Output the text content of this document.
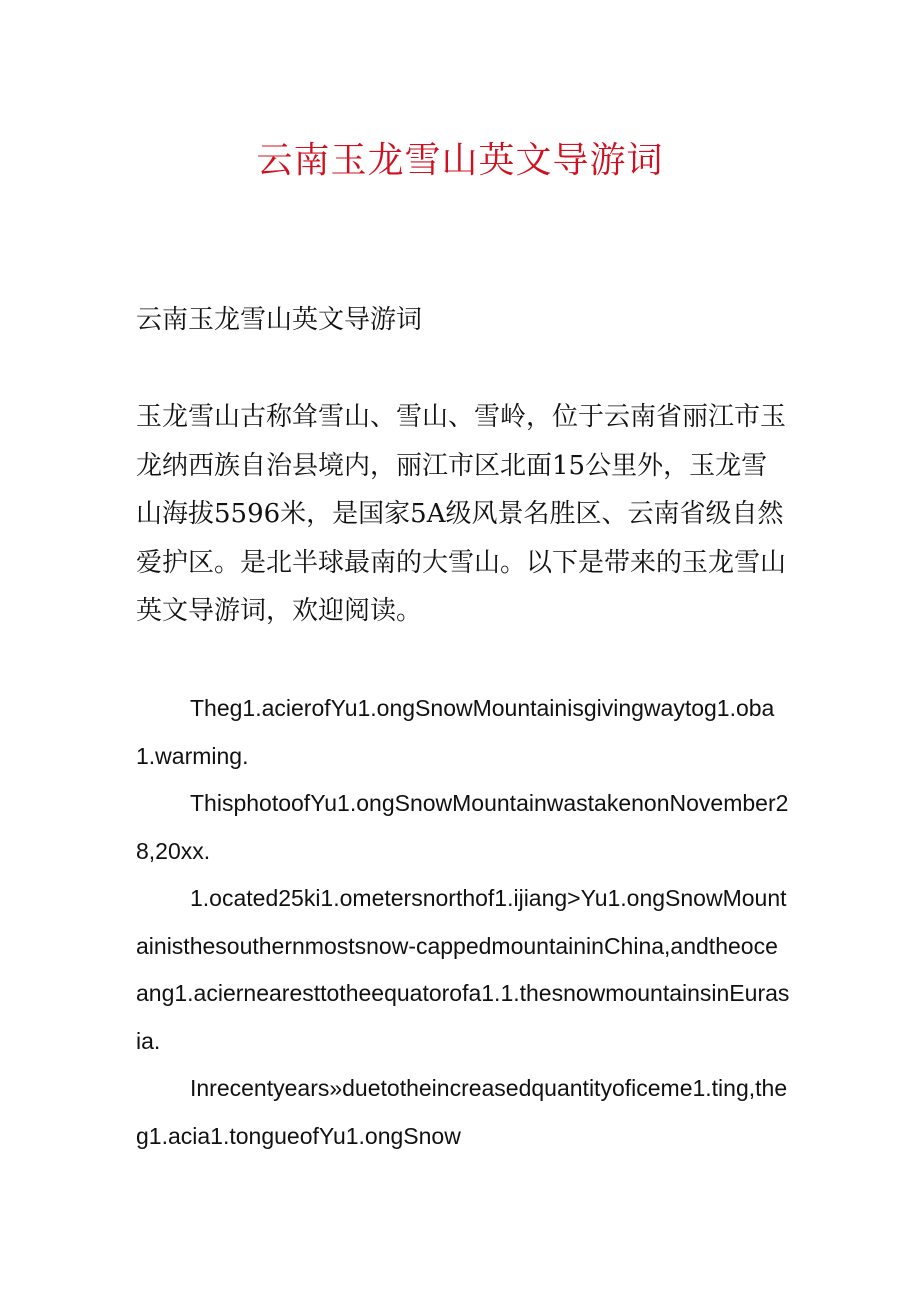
云南玉龙雪山英文导游词

云南玉龙雪山英文导游词

玉龙雪山古称耸雪山、雪山、雪岭，位于云南省丽江市玉龙纳西族自治县境内，丽江市区北面15公里外，玉龙雪山海拔5596米，是国家5A级风景名胜区、云南省级自然爱护区。是北半球最南的大雪山。以下是带来的玉龙雪山英文导游词，欢迎阅读。

Theg1.acierofYu1.ongSnowMountainisgivingwaytog1.oba1.warming.

ThisphotoofYu1.ongSnowMountainwastakenonNovember28,20xx.

1.ocated25ki1.ometersnorthof1.ijiang>Yu1.ongSnowMountainisthesouthernmostsnow-cappedmountaininChina,andtheoceang1.aciernearesttotheequatorofa1.1.thesnowmountainsinEurasia.

Inrecentyears»duetotheincreasedquantityoficeme1.ting,theg1.acia1.tongueofYu1.ongSnow
